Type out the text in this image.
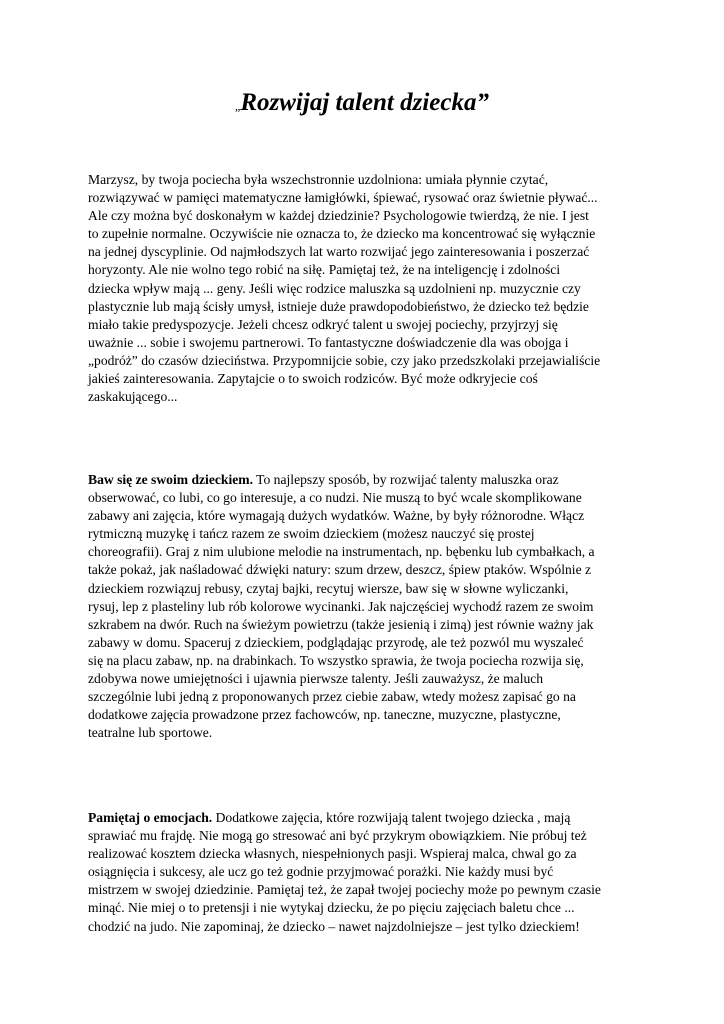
„Rozwijaj talent dziecka”

Marzysz, by twoja pociecha była wszechstronnie uzdolniona: umiała płynnie czytać,
rozwiązywać w pamięci matematyczne łamigłówki, śpiewać, rysować oraz świetnie pływać...
Ale czy można być doskonałym w każdej dziedzinie? Psychologowie twierdzą, że nie. I jest
to zupełnie normalne. Oczywiście nie oznacza to, że dziecko ma koncentrować się wyłącznie
na jednej dyscyplinie. Od najmłodszych lat warto rozwijać jego zainteresowania i poszerzać
horyzonty. Ale nie wolno tego robić na siłę. Pamiętaj też, że na inteligencję i zdolności
dziecka wpływ mają ... geny. Jeśli więc rodzice maluszka są uzdolnieni np. muzycznie czy
plastycznie lub mają ścisły umysł, istnieje duże prawdopodobieństwo, że dziecko też będzie
miało takie predyspozycje. Jeżeli chcesz odkryć talent u swojej pociechy, przyjrzyj się
uważnie ... sobie i swojemu partnerowi. To fantastyczne doświadczenie dla was obojga i
„podróż” do czasów dzieciństwa. Przypomnijcie sobie, czy jako przedszkolaki przejawialiście
jakieś zainteresowania. Zapytajcie o to swoich rodziców. Być może odkryjecie coś
zaskakującego...

Baw się ze swoim dzieckiem. To najlepszy sposób, by rozwijać talenty maluszka oraz
obserwować, co lubi, co go interesuje, a co nudzi. Nie muszą to być wcale skomplikowane
zabawy ani zajęcia, które wymagają dużych wydatków. Ważne, by były różnorodne. Włącz
rytmiczną muzykę i tańcz razem ze swoim dzieckiem (możesz nauczyć się prostej
choreografii). Graj z nim ulubione melodie na instrumentach, np. bębenku lub cymbałkach, a
także pokaż, jak naśladować dźwięki natury: szum drzew, deszcz, śpiew ptaków. Wspólnie z
dzieckiem rozwiązuj rebusy, czytaj bajki, recytuj wiersze, baw się w słowne wyliczanki,
rysuj, lep z plasteliny lub rób kolorowe wycinanki. Jak najczęściej wychodź razem ze swoim
szkrabem na dwór. Ruch na świeżym powietrzu (także jesienią i zimą) jest równie ważny jak
zabawy w domu. Spaceruj z dzieckiem, podglądając przyrodę, ale też pozwól mu wyszaleć
się na placu zabaw, np. na drabinkach. To wszystko sprawia, że twoja pociecha rozwija się,
zdobywa nowe umiejętności i ujawnia pierwsze talenty. Jeśli zauważysz, że maluch
szczególnie lubi jedną z proponowanych przez ciebie zabaw, wtedy możesz zapisać go na
dodatkowe zajęcia prowadzone przez fachowców, np. taneczne, muzyczne, plastyczne,
teatralne lub sportowe.

Pamiętaj o emocjach. Dodatkowe zajęcia, które rozwijają talent twojego dziecka , mają
sprawiać mu frajdę. Nie mogą go stresować ani być przykrym obowiązkiem. Nie próbuj też
realizować kosztem dziecka własnych, niespełnionych pasji. Wspieraj malca, chwal go za
osiągnięcia i sukcesy, ale ucz go też godnie przyjmować porażki. Nie każdy musi być
mistrzem w swojej dziedzinie. Pamiętaj też, że zapał twojej pociechy może po pewnym czasie
minąć. Nie miej o to pretensji i nie wytykaj dziecku, że po pięciu zajęciach baletu chce ...
chodzić na judo. Nie zapominaj, że dziecko – nawet najzdolniejsze – jest tylko dzieckiem!
